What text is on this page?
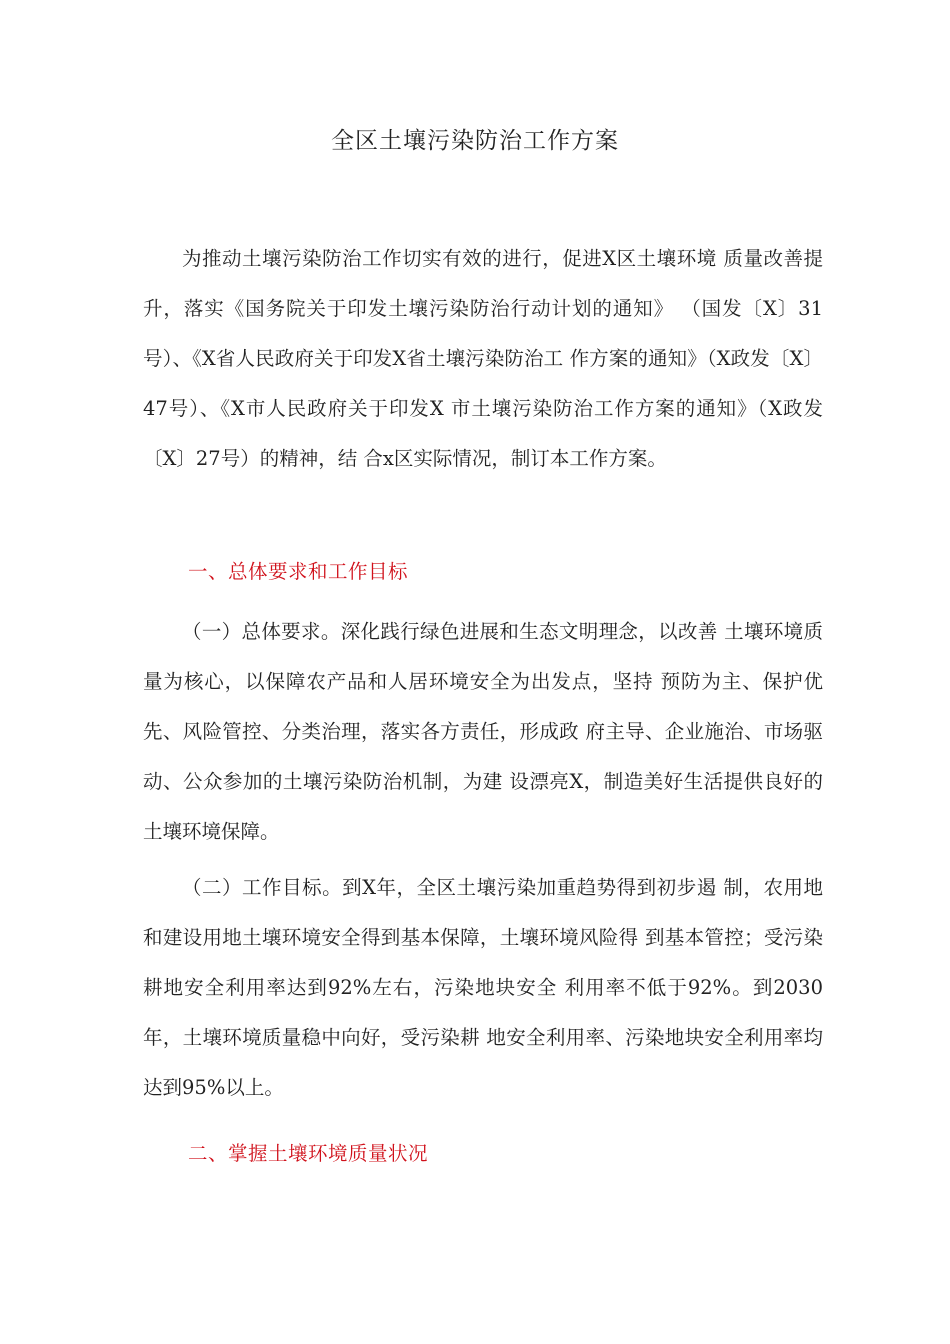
全区土壤污染防治工作方案

为推动土壤污染防治工作切实有效的进行，促进X区土壤环境 质量改善提升，落实《国务院关于印发土壤污染防治行动计划的通知》 （国发〔X〕31号）、《X省人民政府关于印发X省土壤污染防治工 作方案的通知》（X政发〔X〕47号）、《X市人民政府关于印发X 市土壤污染防治工作方案的通知》（X政发〔X〕27号）的精神，结 合x区实际情况，制订本工作方案。

一、总体要求和工作目标

（一）总体要求。深化践行绿色进展和生态文明理念，以改善 土壤环境质量为核心，以保障农产品和人居环境安全为出发点，坚持 预防为主、保护优先、风险管控、分类治理，落实各方责任，形成政 府主导、企业施治、市场驱动、公众参加的土壤污染防治机制，为建 设漂亮X，制造美好生活提供良好的土壤环境保障。

（二）工作目标。到X年，全区土壤污染加重趋势得到初步遏 制，农用地和建设用地土壤环境安全得到基本保障，土壤环境风险得 到基本管控；受污染耕地安全利用率达到92%左右，污染地块安全 利用率不低于92%。到2030年，土壤环境质量稳中向好，受污染耕 地安全利用率、污染地块安全利用率均达到95%以上。

二、掌握土壤环境质量状况
